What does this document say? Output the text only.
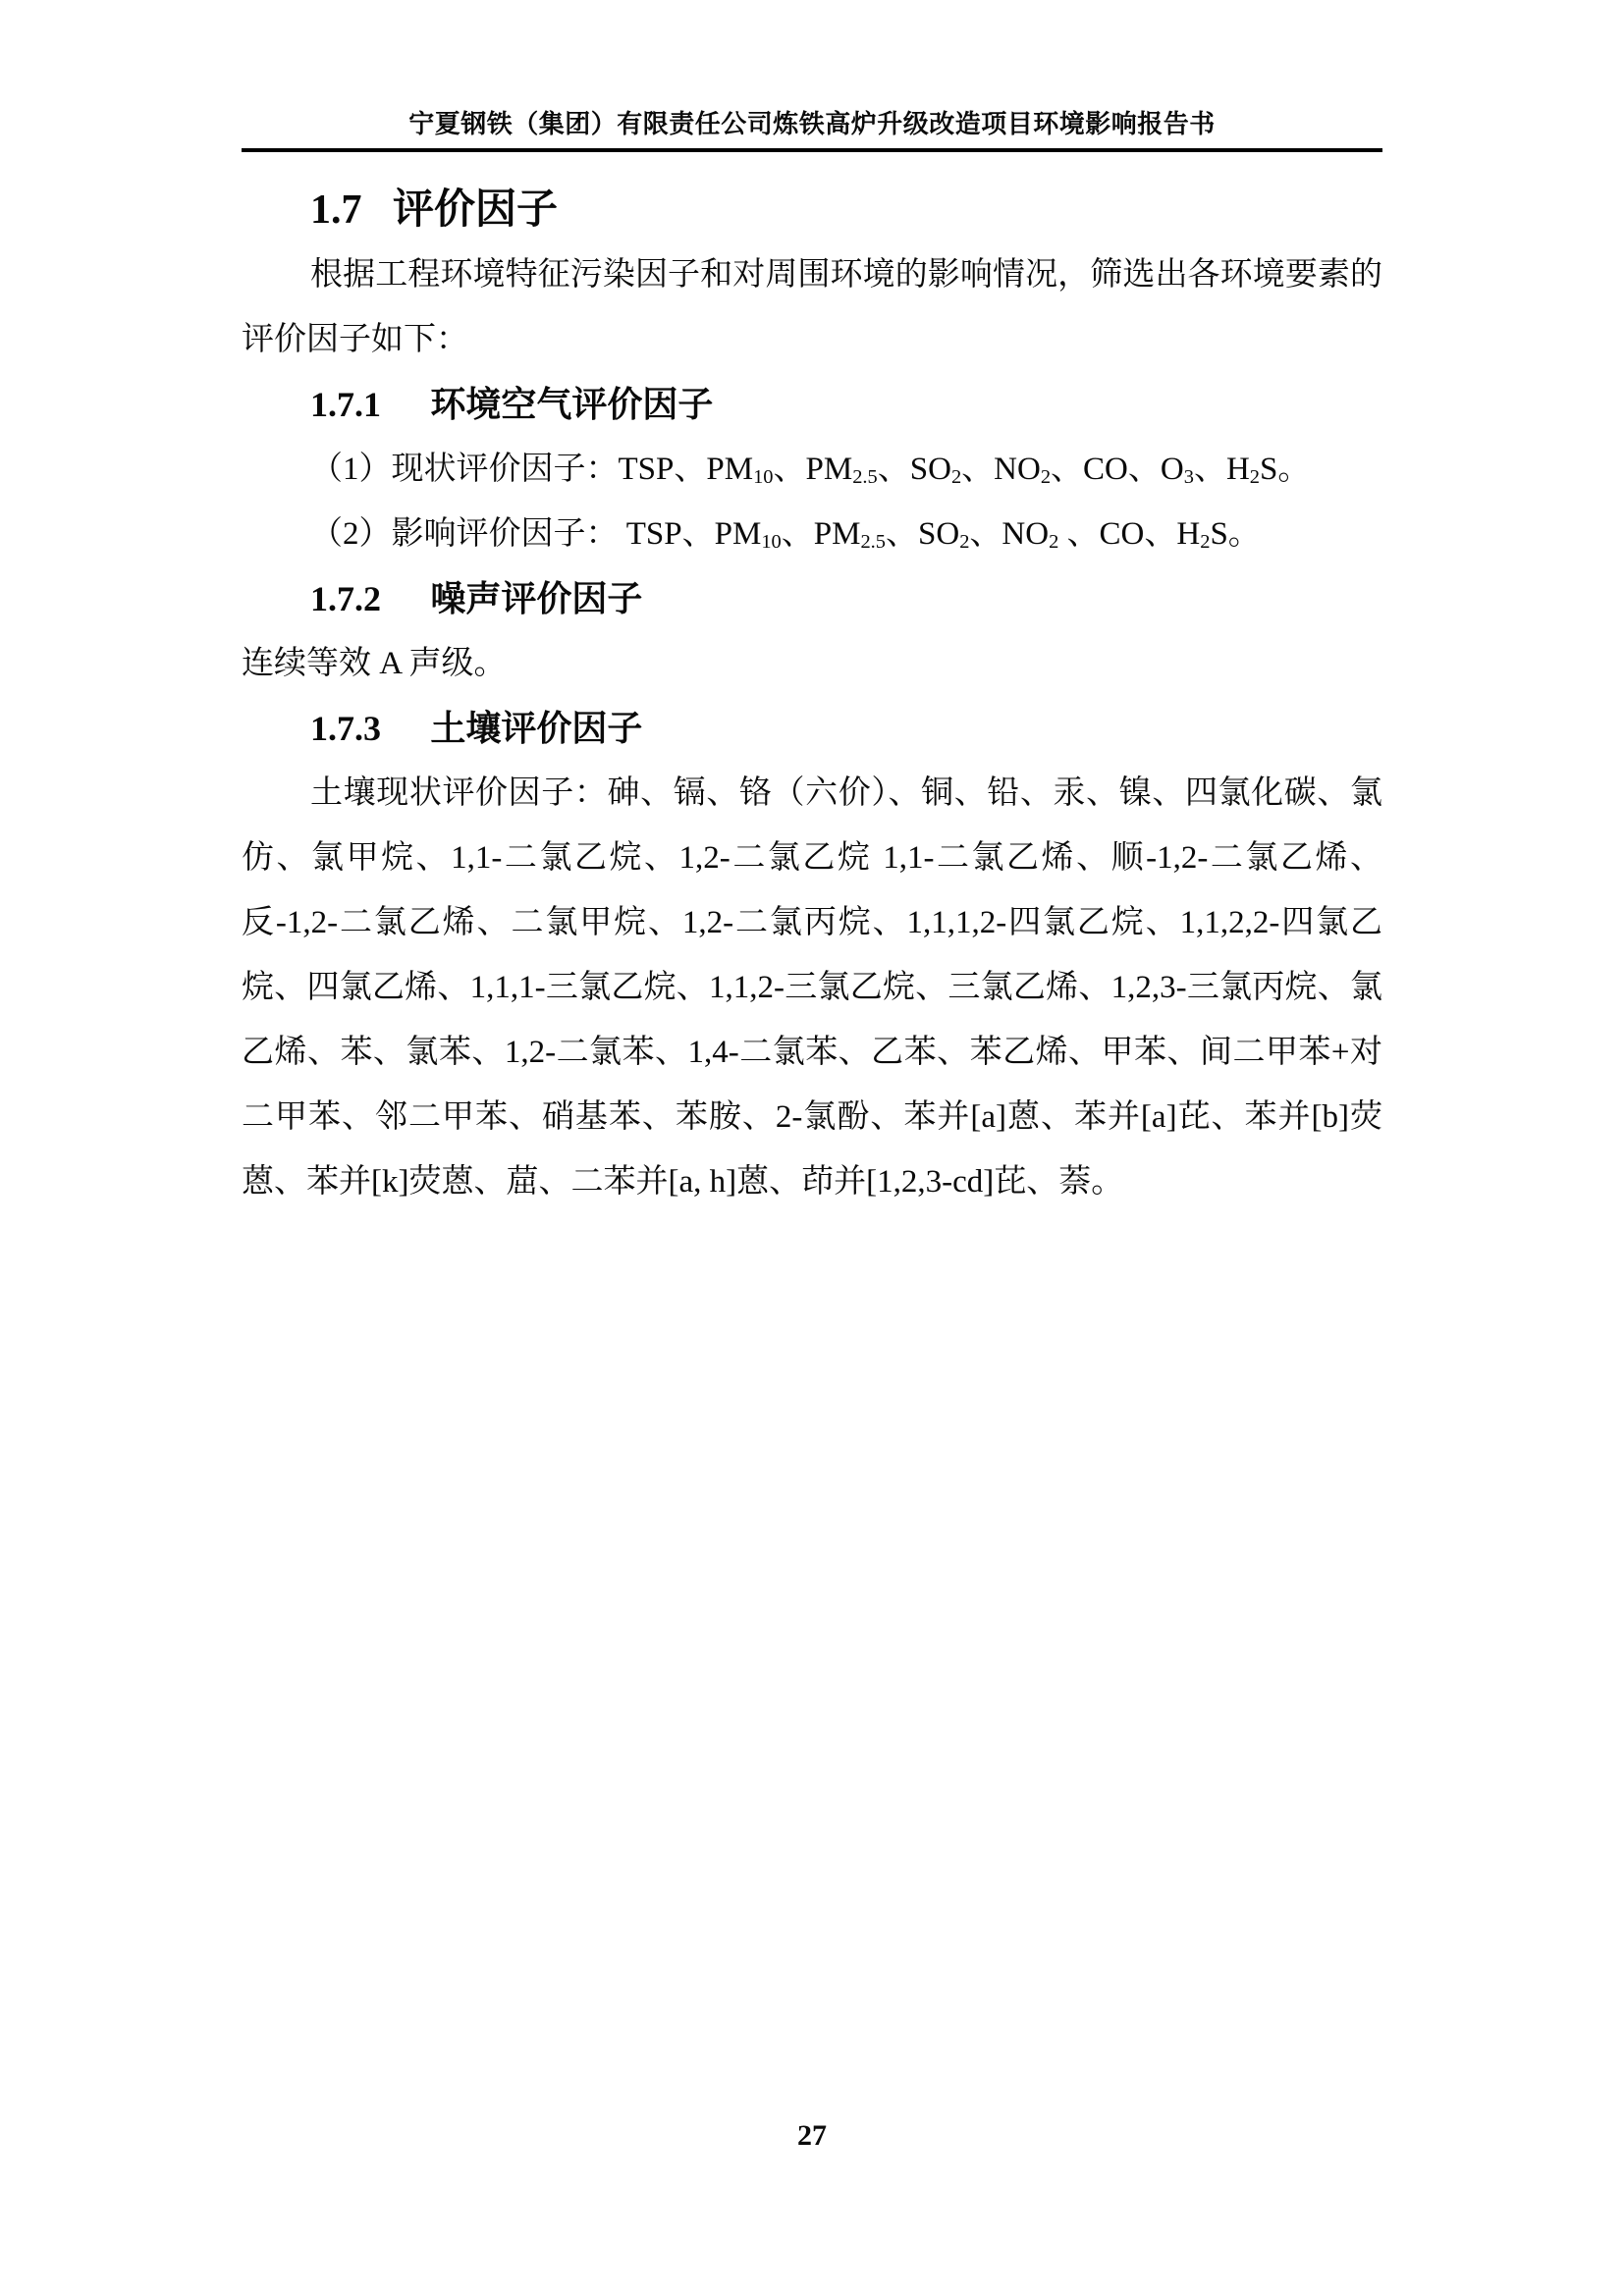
宁夏钢铁（集团）有限责任公司炼铁高炉升级改造项目环境影响报告书
1.7 评价因子

根据工程环境特征污染因子和对周围环境的影响情况，筛选出各环境要素的评价因子如下：

1.7.1 环境空气评价因子

（1）现状评价因子：TSP、$PM_{10}$、$PM_{2.5}$、$SO_2$、$NO_2$、CO、$O_3$、$H_2S$。

（2）影响评价因子： TSP、$PM_{10}$、$PM_{2.5}$、$SO_2$、$NO_2$ 、CO、$H_2S$。

1.7.2 噪声评价因子

连续等效 A 声级。

1.7.3 土壤评价因子

土壤现状评价因子：砷、镉、铬（六价）、铜、铅、汞、镍、四氯化碳、氯仿、氯甲烷、1,1-二氯乙烷、1,2-二氯乙烷 1,1-二氯乙烯、顺-1,2-二氯乙烯、反-1,2-二氯乙烯、二氯甲烷、1,2-二氯丙烷、1,1,1,2-四氯乙烷、1,1,2,2-四氯乙烷、四氯乙烯、1,1,1-三氯乙烷、1,1,2-三氯乙烷、三氯乙烯、1,2,3-三氯丙烷、氯乙烯、苯、氯苯、1,2-二氯苯、1,4-二氯苯、乙苯、苯乙烯、甲苯、间二甲苯+对二甲苯、邻二甲苯、硝基苯、苯胺、2-氯酚、苯并[a]蒽、苯并[a]芘、苯并[b]荧蒽、苯并[k]荧蒽、䓛、二苯并[a, h]蒽、茚并[1,2,3-cd]芘、萘。

27
